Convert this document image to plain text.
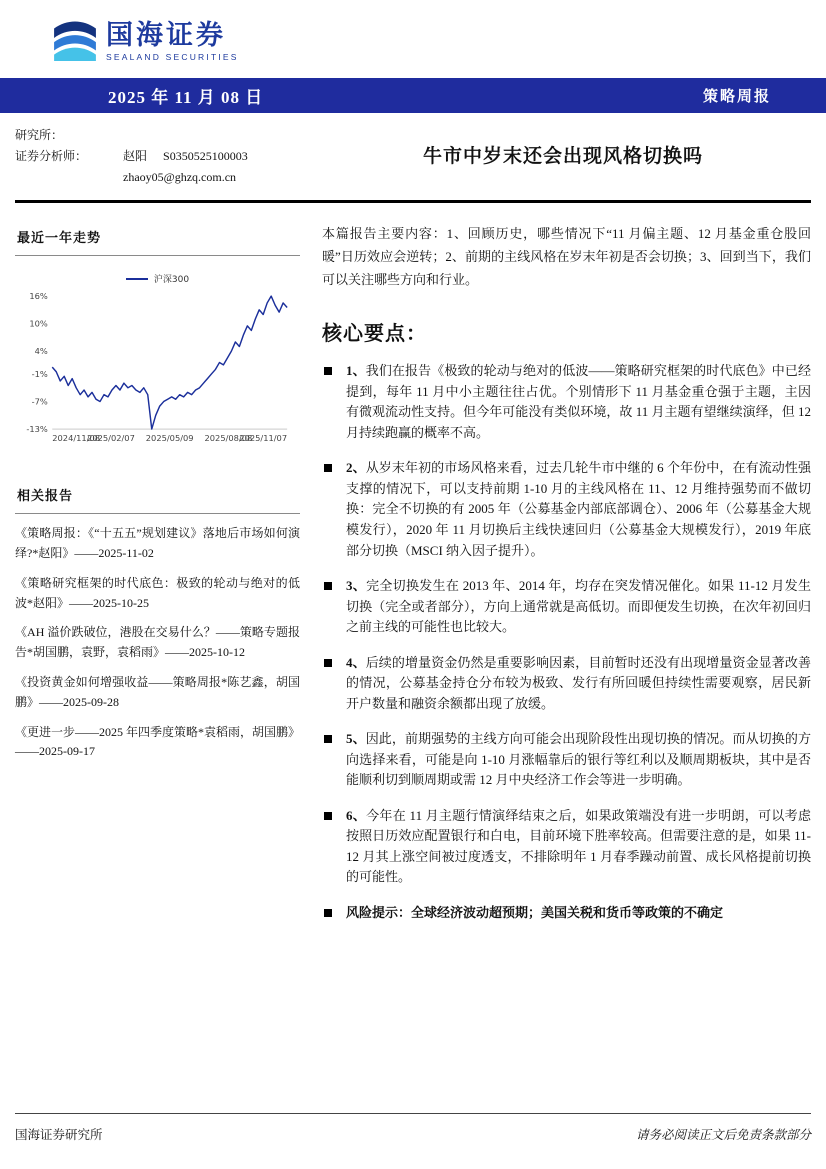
国海证券
SEALAND SECURITIES
2025 年 11 月 08 日	策略周报
研究所：
证券分析师：	赵阳 S0350525100003
zhaoy05@ghzq.com.cn
牛市中岁末还会出现风格切换吗
最近一年走势
沪深300
16%
10%
4%
-1%
-7%
-13%
2024/11/08
2025/02/07 2025/05/09 2025/08/08
2025/11/07
相关报告
《策略周报：《“十五五”规划建议》落地后市场如何演绎?*赵阳》——2025-11-02
《策略研究框架的时代底色：极致的轮动与绝对的低波*赵阳》——2025-10-25
《AH 溢价跌破位，港股在交易什么？——策略专题报告*胡国鹏，袁野，袁稻雨》——2025-10-12
《投资黄金如何增强收益——策略周报*陈艺鑫，胡国鹏》——2025-09-28
《更进一步——2025 年四季度策略*袁稻雨，胡国鹏》——2025-09-17

本篇报告主要内容：1、回顾历史，哪些情况下“11 月偏主题、12 月基金重仓股回暖”日历效应会逆转；2、前期的主线风格在岁末年初是否会切换；3、回到当下，我们可以关注哪些方向和行业。

核心要点：

1、我们在报告《极致的轮动与绝对的低波——策略研究框架的时代底色》中已经提到，每年 11 月中小主题往往占优。个别情形下 11 月基金重仓强于主题，主因有微观流动性支持。但今年可能没有类似环境，故 11 月主题有望继续演绎，但 12 月持续跑赢的概率不高。

2、从岁末年初的市场风格来看，过去几轮牛市中继的 6 个年份中，在有流动性强支撑的情况下，可以支持前期 1-10 月的主线风格在 11、12 月维持强势而不做切换：完全不切换的有 2005 年（公募基金内部底部调仓）、2006 年（公募基金大规模发行），2020 年 11 月切换后主线快速回归（公募基金大规模发行），2019 年底部分切换（MSCI 纳入因子提升）。

3、完全切换发生在 2013 年、2014 年，均存在突发情况催化。如果 11-12 月发生切换（完全或者部分），方向上通常就是高低切。而即便发生切换，在次年初回归之前主线的可能性也比较大。

4、后续的增量资金仍然是重要影响因素，目前暂时还没有出现增量资金显著改善的情况，公募基金持仓分布较为极致、发行有所回暖但持续性需要观察，居民新开户数量和融资余额都出现了放缓。

5、因此，前期强势的主线方向可能会出现阶段性出现切换的情况。而从切换的方向选择来看，可能是向 1-10 月涨幅靠后的银行等红利以及顺周期板块，其中是否能顺利切到顺周期或需 12 月中央经济工作会等进一步明确。

6、今年在 11 月主题行情演绎结束之后，如果政策端没有进一步明朗，可以考虑按照日历效应配置银行和白电，目前环境下胜率较高。但需要注意的是，如果 11-12 月其上涨空间被过度透支，不排除明年 1 月春季躁动前置、成长风格提前切换的可能性。

风险提示：全球经济波动超预期；美国关税和货币等政策的不确定

国海证券研究所	请务必阅读正文后免责条款部分
